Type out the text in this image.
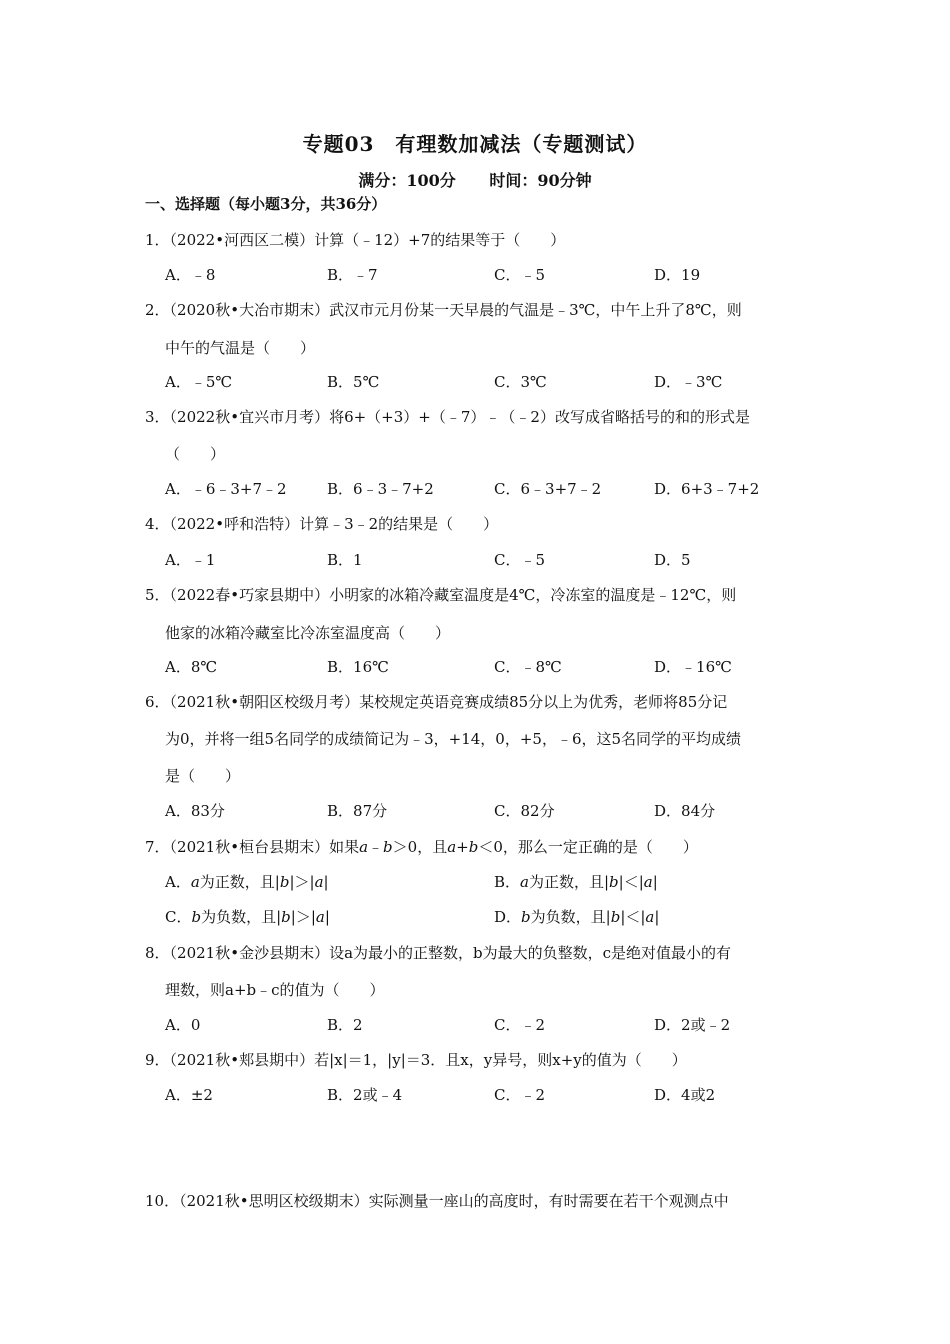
专题03　有理数加减法（专题测试）
满分：100分 时间：90分钟
一、选择题（每小题3分，共36分）
1．（2022•河西区二模）计算（﹣12）+7的结果等于（　　）
A．﹣8	B．﹣7	C．﹣5	D．19
2．（2020秋•大冶市期末）武汉市元月份某一天早晨的气温是﹣3℃，中午上升了8℃，则
中午的气温是（　　）
A．﹣5℃	B．5℃	C．3℃	D．﹣3℃
3．（2022秋•宜兴市月考）将6+（+3）+（﹣7）﹣（﹣2）改写成省略括号的和的形式是
（　　）
A．﹣6﹣3+7﹣2	B．6﹣3﹣7+2	C．6﹣3+7﹣2	D．6+3﹣7+2
4．（2022•呼和浩特）计算﹣3﹣2的结果是（　　）
A．﹣1	B．1	C．﹣5	D．5
5．（2022春•巧家县期中）小明家的冰箱冷藏室温度是4℃，冷冻室的温度是﹣12℃，则
他家的冰箱冷藏室比冷冻室温度高（　　）
A．8℃	B．16℃	C．﹣8℃	D．﹣16℃
6．（2021秋•朝阳区校级月考）某校规定英语竞赛成绩85分以上为优秀，老师将85分记
为0，并将一组5名同学的成绩简记为﹣3，+14，0，+5，﹣6，这5名同学的平均成绩
是（　　）
A．83分	B．87分	C．82分	D．84分
7．（2021秋•桓台县期末）如果a﹣b＞0，且a+b＜0，那么一定正确的是（　　）
A．a为正数，且|b|＞|a|	B．a为正数，且|b|＜|a|
C．b为负数，且|b|＞|a|	D．b为负数，且|b|＜|a|
8．（2021秋•金沙县期末）设a为最小的正整数，b为最大的负整数，c是绝对值最小的有
理数，则a+b﹣c的值为（　　）
A．0	B．2	C．﹣2	D．2或﹣2
9．（2021秋•郏县期中）若|x|＝1，|y|＝3．且x，y异号，则x+y的值为（　　）
A．±2	B．2或﹣4	C．﹣2	D．4或2
10．（2021秋•思明区校级期末）实际测量一座山的高度时，有时需要在若干个观测点中
